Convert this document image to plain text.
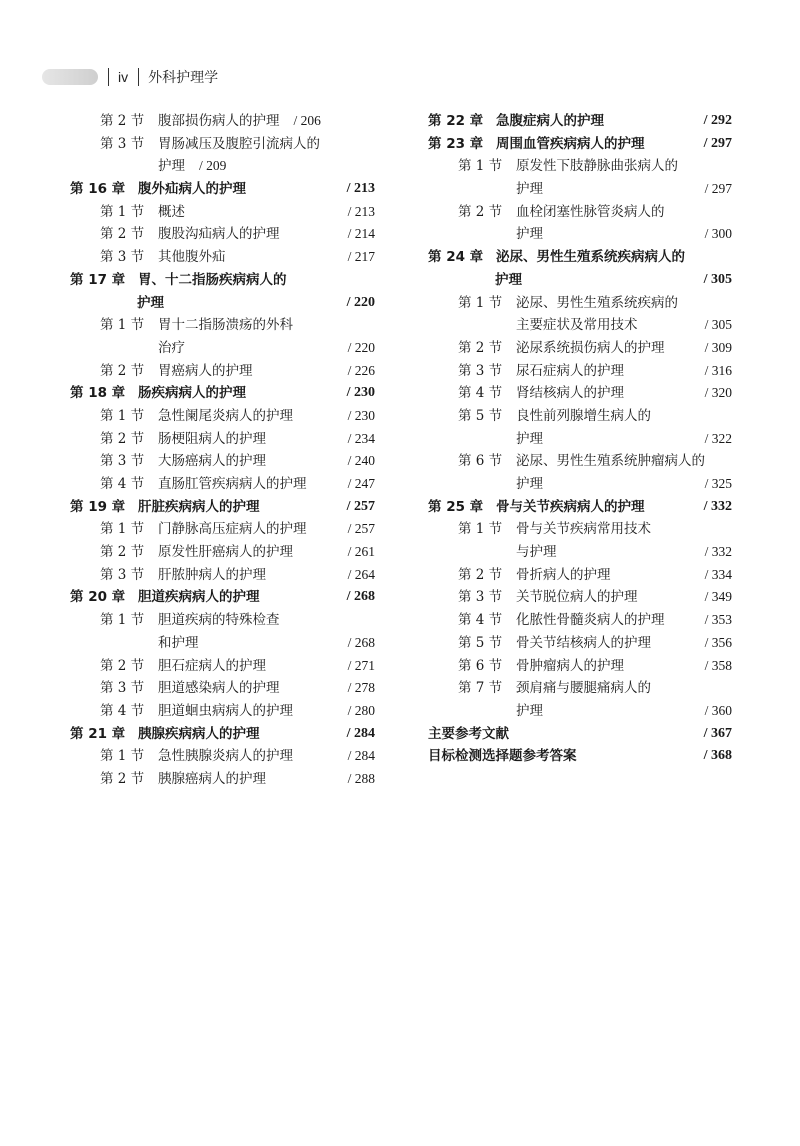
iv 外科护理学
第 2 节 腹部损伤病人的护理 / 206
第 3 节 胃肠减压及腹腔引流病人的
护理 / 209
第 16 章 腹外疝病人的护理	/ 213
第 1 节 概述	/ 213
第 2 节 腹股沟疝病人的护理	/ 214
第 3 节 其他腹外疝	/ 217
第 17 章 胃、十二指肠疾病病人的
护理	/ 220
第 1 节 胃十二指肠溃疡的外科
治疗	/ 220
第 2 节 胃癌病人的护理	/ 226
第 18 章 肠疾病病人的护理	/ 230
第 1 节 急性阑尾炎病人的护理	/ 230
第 2 节 肠梗阻病人的护理	/ 234
第 3 节 大肠癌病人的护理	/ 240
第 4 节 直肠肛管疾病病人的护理	/ 247
第 19 章 肝脏疾病病人的护理	/ 257
第 1 节 门静脉高压症病人的护理	/ 257
第 2 节 原发性肝癌病人的护理	/ 261
第 3 节 肝脓肿病人的护理	/ 264
第 20 章 胆道疾病病人的护理	/ 268
第 1 节 胆道疾病的特殊检查
和护理	/ 268
第 2 节 胆石症病人的护理	/ 271
第 3 节 胆道感染病人的护理	/ 278
第 4 节 胆道蛔虫病病人的护理	/ 280
第 21 章 胰腺疾病病人的护理	/ 284
第 1 节 急性胰腺炎病人的护理	/ 284
第 2 节 胰腺癌病人的护理	/ 288
第 22 章 急腹症病人的护理	/ 292
第 23 章 周围血管疾病病人的护理	/ 297
第 1 节 原发性下肢静脉曲张病人的
护理	/ 297
第 2 节 血栓闭塞性脉管炎病人的
护理	/ 300
第 24 章 泌尿、男性生殖系统疾病病人的
护理	/ 305
第 1 节 泌尿、男性生殖系统疾病的
主要症状及常用技术	/ 305
第 2 节 泌尿系统损伤病人的护理	/ 309
第 3 节 尿石症病人的护理	/ 316
第 4 节 肾结核病人的护理	/ 320
第 5 节 良性前列腺增生病人的
护理	/ 322
第 6 节 泌尿、男性生殖系统肿瘤病人的
护理	/ 325
第 25 章 骨与关节疾病病人的护理	/ 332
第 1 节 骨与关节疾病常用技术
与护理	/ 332
第 2 节 骨折病人的护理	/ 334
第 3 节 关节脱位病人的护理	/ 349
第 4 节 化脓性骨髓炎病人的护理	/ 353
第 5 节 骨关节结核病人的护理	/ 356
第 6 节 骨肿瘤病人的护理	/ 358
第 7 节 颈肩痛与腰腿痛病人的
护理	/ 360
主要参考文献	/ 367
目标检测选择题参考答案	/ 368
